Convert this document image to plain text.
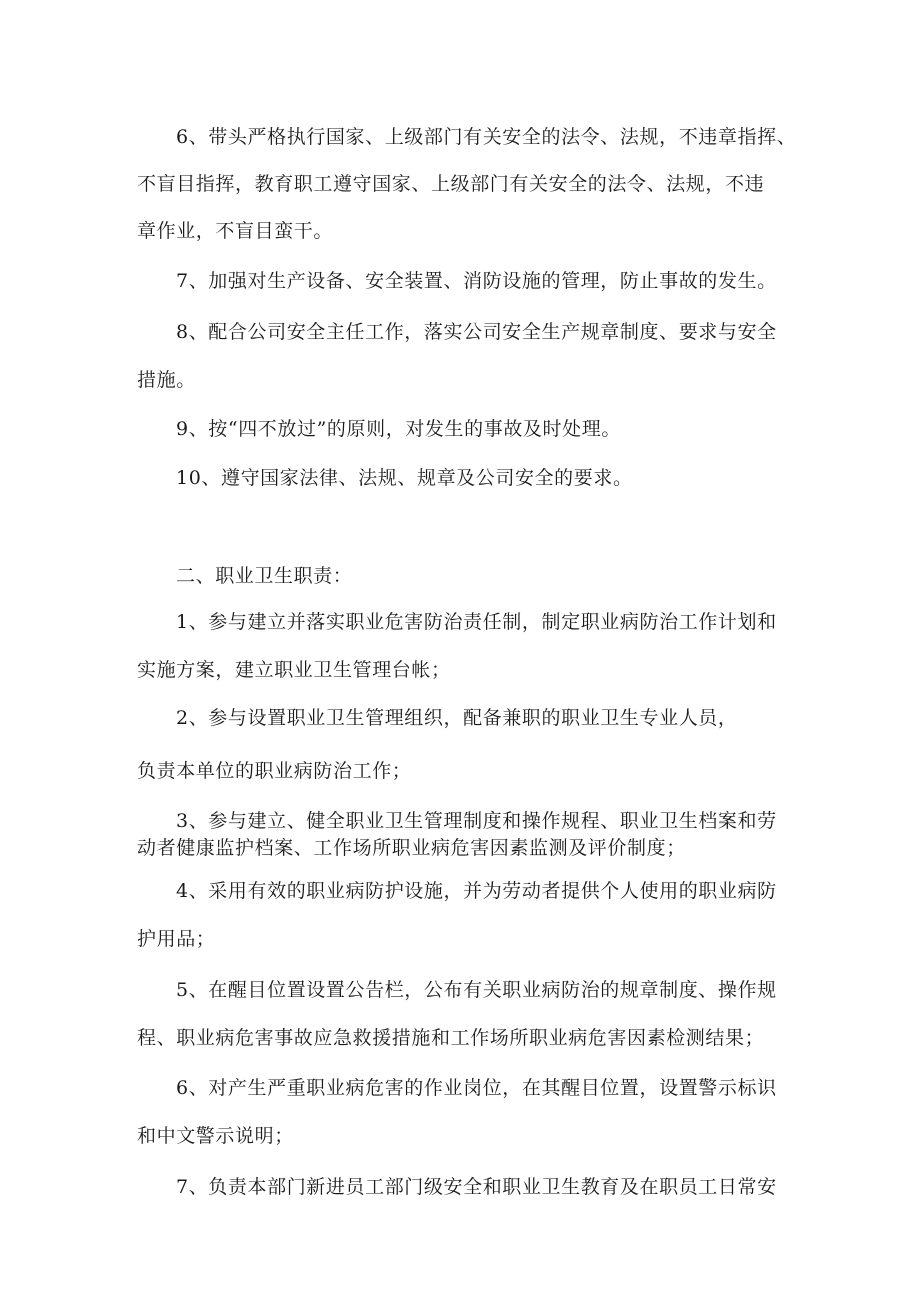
6、带头严格执行国家、上级部门有关安全的法令、法规，不违章指挥、
不盲目指挥，教育职工遵守国家、上级部门有关安全的法令、法规，不违
章作业，不盲目蛮干。
7、加强对生产设备、安全装置、消防设施的管理，防止事故的发生。
8、配合公司安全主任工作，落实公司安全生产规章制度、要求与安全
措施。
9、按“四不放过”的原则，对发生的事故及时处理。
10、遵守国家法律、法规、规章及公司安全的要求。
二、职业卫生职责：
1、参与建立并落实职业危害防治责任制，制定职业病防治工作计划和
实施方案，建立职业卫生管理台帐；
2、参与设置职业卫生管理组织，配备兼职的职业卫生专业人员，
负责本单位的职业病防治工作；
3、参与建立、健全职业卫生管理制度和操作规程、职业卫生档案和劳
动者健康监护档案、工作场所职业病危害因素监测及评价制度；
4、采用有效的职业病防护设施，并为劳动者提供个人使用的职业病防
护用品；
5、在醒目位置设置公告栏，公布有关职业病防治的规章制度、操作规
程、职业病危害事故应急救援措施和工作场所职业病危害因素检测结果；
6、对产生严重职业病危害的作业岗位，在其醒目位置，设置警示标识
和中文警示说明；
7、负责本部门新进员工部门级安全和职业卫生教育及在职员工日常安
